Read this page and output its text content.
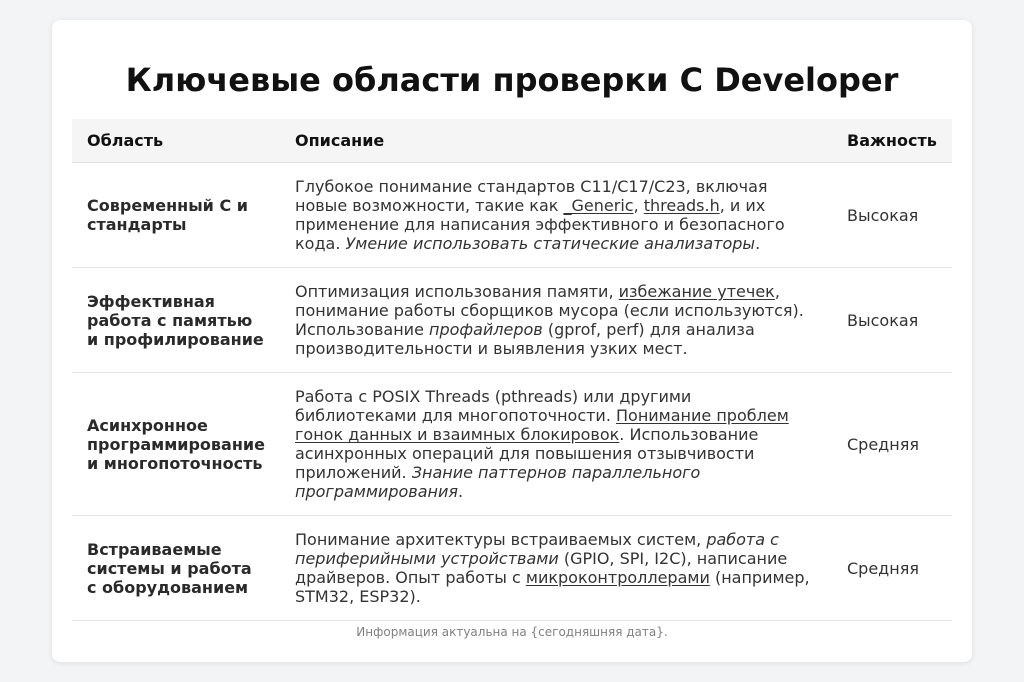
Ключевые области проверки C Developer
Область	Описание	Важность
Современный C и стандарты	Глубокое понимание стандартов C11/C17/C23, включая новые возможности, такие как _Generic, threads.h, и их применение для написания эффективного и безопасного кода. Умение использовать статические анализаторы.	Высокая
Эффективная работа с памятью и профилирование	Оптимизация использования памяти, избежание утечек, понимание работы сборщиков мусора (если используются). Использование профайлеров (gprof, perf) для анализа производительности и выявления узких мест.	Высокая
Асинхронное программирование и многопоточность	Работа с POSIX Threads (pthreads) или другими библиотеками для многопоточности. Понимание проблем гонок данных и взаимных блокировок. Использование асинхронных операций для повышения отзывчивости приложений. Знание паттернов параллельного программирования.	Средняя
Встраиваемые системы и работа с оборудованием	Понимание архитектуры встраиваемых систем, работа с периферийными устройствами (GPIO, SPI, I2C), написание драйверов. Опыт работы с микроконтроллерами (например, STM32, ESP32).	Средняя
Информация актуальна на {сегодняшняя дата}.
